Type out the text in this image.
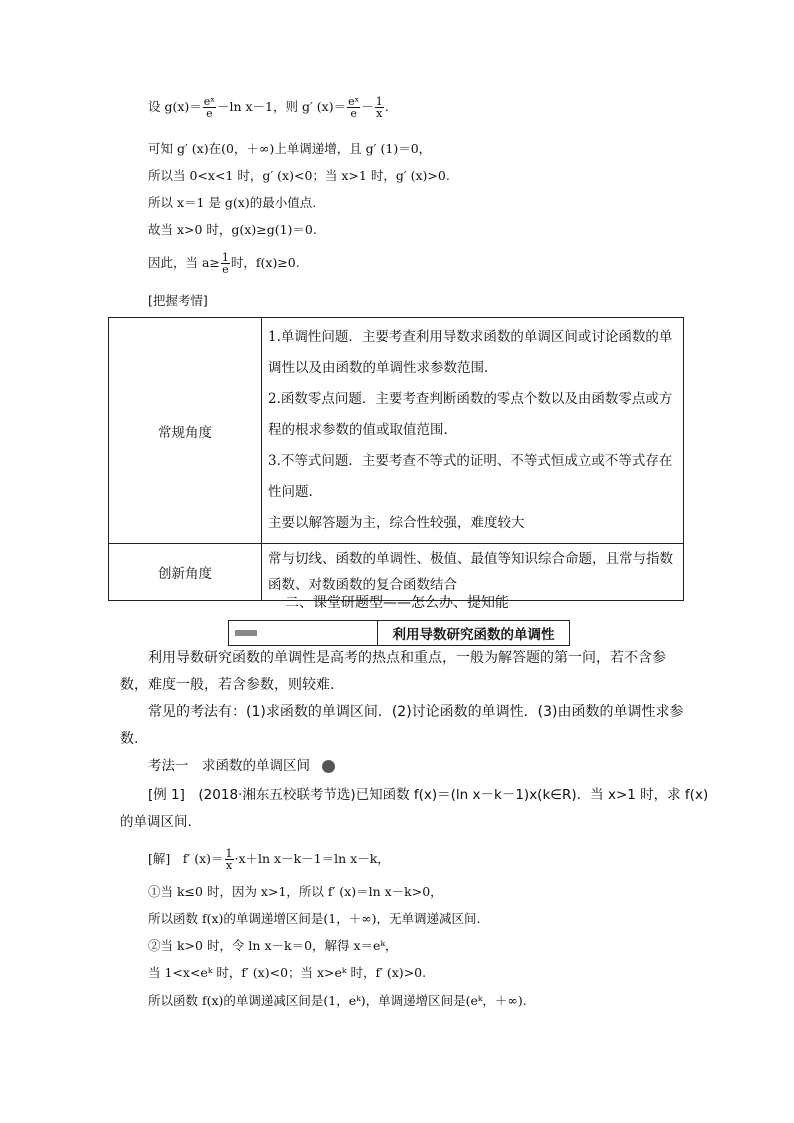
设 $g(x)= \frac{\text{eˣ}}{e} -\ln$ x－1，则 g′ $(x)= \frac{\text{eˣ}}{e} - \frac{1}{x}$ .
可知 g′ (x)在(0，＋∞)上单调递增，且 g′ (1)＝0，
所以当 0<x<1 时，g′ (x)<0；当 x>1 时，g′ (x)>0.
所以 x＝1 是 g(x)的最小值点.
故当 x>0 时，g(x)≥g(1)＝0.
因此，当 $a\ge \frac{1}{e}$ 时，f(x)≥0.
[把握考情]
常规角度	1.单调性问题．主要考查利用导数求函数的单调区间或讨论函数的单调性以及由函数的单调性求参数范围.
2.函数零点问题．主要考查判断函数的零点个数以及由函数零点或方程的根求参数的值或取值范围.
3.不等式问题．主要考查不等式的证明、不等式恒成立或不等式存在性问题.
主要以解答题为主，综合性较强，难度较大

创新角度	常与切线、函数的单调性、极值、最值等知识综合命题，且常与指数函数、对数函数的复合函数结合
二、课堂研题型——怎么办、提知能
利用导数研究函数的单调性
利用导数研究函数的单调性是高考的热点和重点，一般为解答题的第一问，若不含参数，难度一般，若含参数，则较难.
常见的考法有：(1)求函数的单调区间．(2)讨论函数的单调性．(3)由函数的单调性求参数.
考法一　求函数的单调区间
[例 1]　(2018·湘东五校联考节选)已知函数 f(x)＝(ln x－k－1)x(k∈R)．当 x>1 时，求 f(x)
的单调区间.
[解]　f′ $(x)= \frac{1}{x} \cdot x+\ln$ x－k－1＝ln x－k，
①当 k≤0 时，因为 x>1，所以 f′ (x)＝ln x－k>0，
所以函数 f(x)的单调递增区间是(1，＋∞)，无单调递减区间.
②当 k>0 时，令 ln x－k＝0，解得 x＝eᵏ，
当 1<x<eᵏ 时，f′ (x)<0；当 x>eᵏ 时，f′ (x)>0.
所以函数 f(x)的单调递减区间是(1，eᵏ)，单调递增区间是(eᵏ，＋∞).
